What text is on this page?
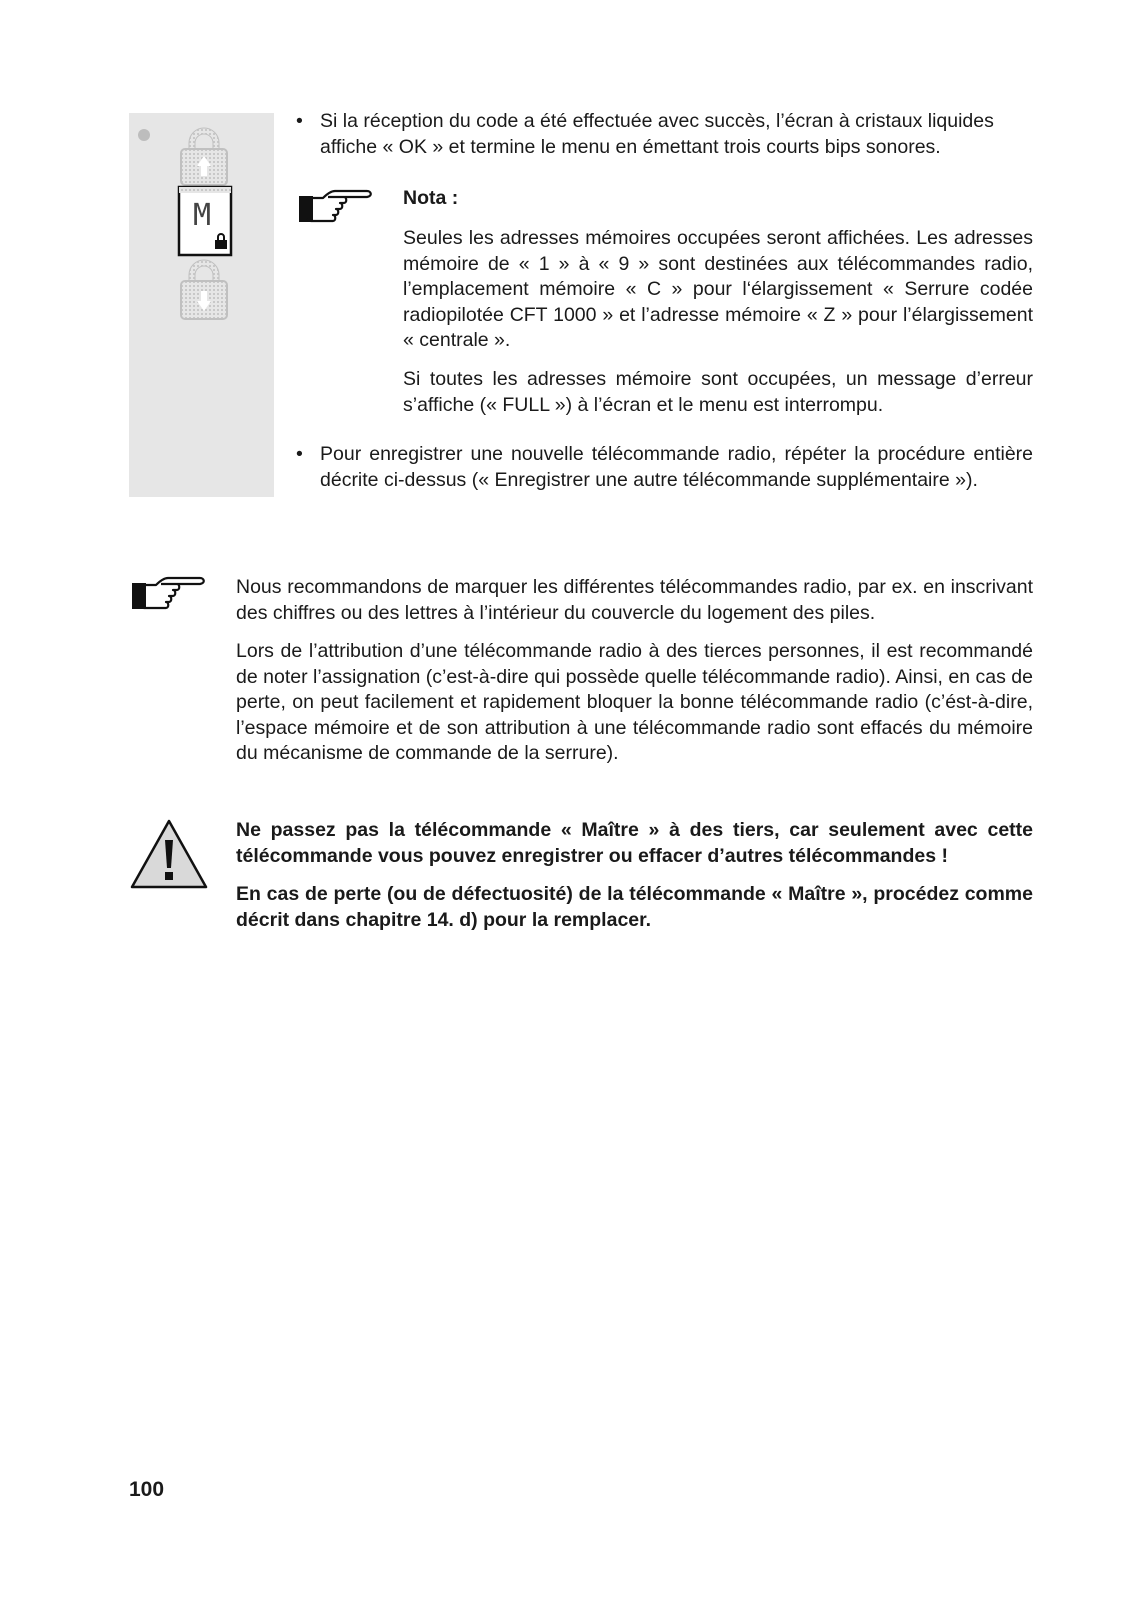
M
• Si la réception du code a été effectuée avec succès, l’écran à cristaux liquides affiche « OK » et termine le menu en émettant trois courts bips sonores.
Nota :
Seules les adresses mémoires occupées seront affichées. Les adresses mémoire de « 1 » à « 9 » sont destinées aux télécommandes radio, l’emplacement mémoire « C » pour l‘élargissement « Serrure codée radiopilotée CFT 1000 » et l’adresse mémoire « Z » pour l’élargissement « centrale ».
Si toutes les adresses mémoire sont occupées, un message d’erreur s’affiche (« FULL ») à l’écran et le menu est interrompu.
• Pour enregistrer une nouvelle télécommande radio, répéter la procédure entière décrite ci-dessus (« Enregistrer une autre télécommande supplémentaire »).
Nous recommandons de marquer les différentes télécommandes radio, par ex. en inscrivant des chiffres ou des lettres à l’intérieur du couvercle du logement des piles.
Lors de l’attribution d’une télécommande radio à des tierces personnes, il est recommandé de noter l’assignation (c’est-à-dire qui possède quelle télécommande radio). Ainsi, en cas de perte, on peut facilement et rapidement bloquer la bonne télécommande radio (c’ést-à-dire, l’espace mémoire et de son attribution à une télécommande radio sont effacés du mémoire du mécanisme de commande de la serrure).
Ne passez pas la télécommande « Maître » à des tiers, car seulement avec cette télécommande vous pouvez enregistrer ou effacer d’autres télécommandes !
En cas de perte (ou de défectuosité) de la télécommande « Maître », procédez comme décrit dans chapitre 14. d) pour la remplacer.
100
